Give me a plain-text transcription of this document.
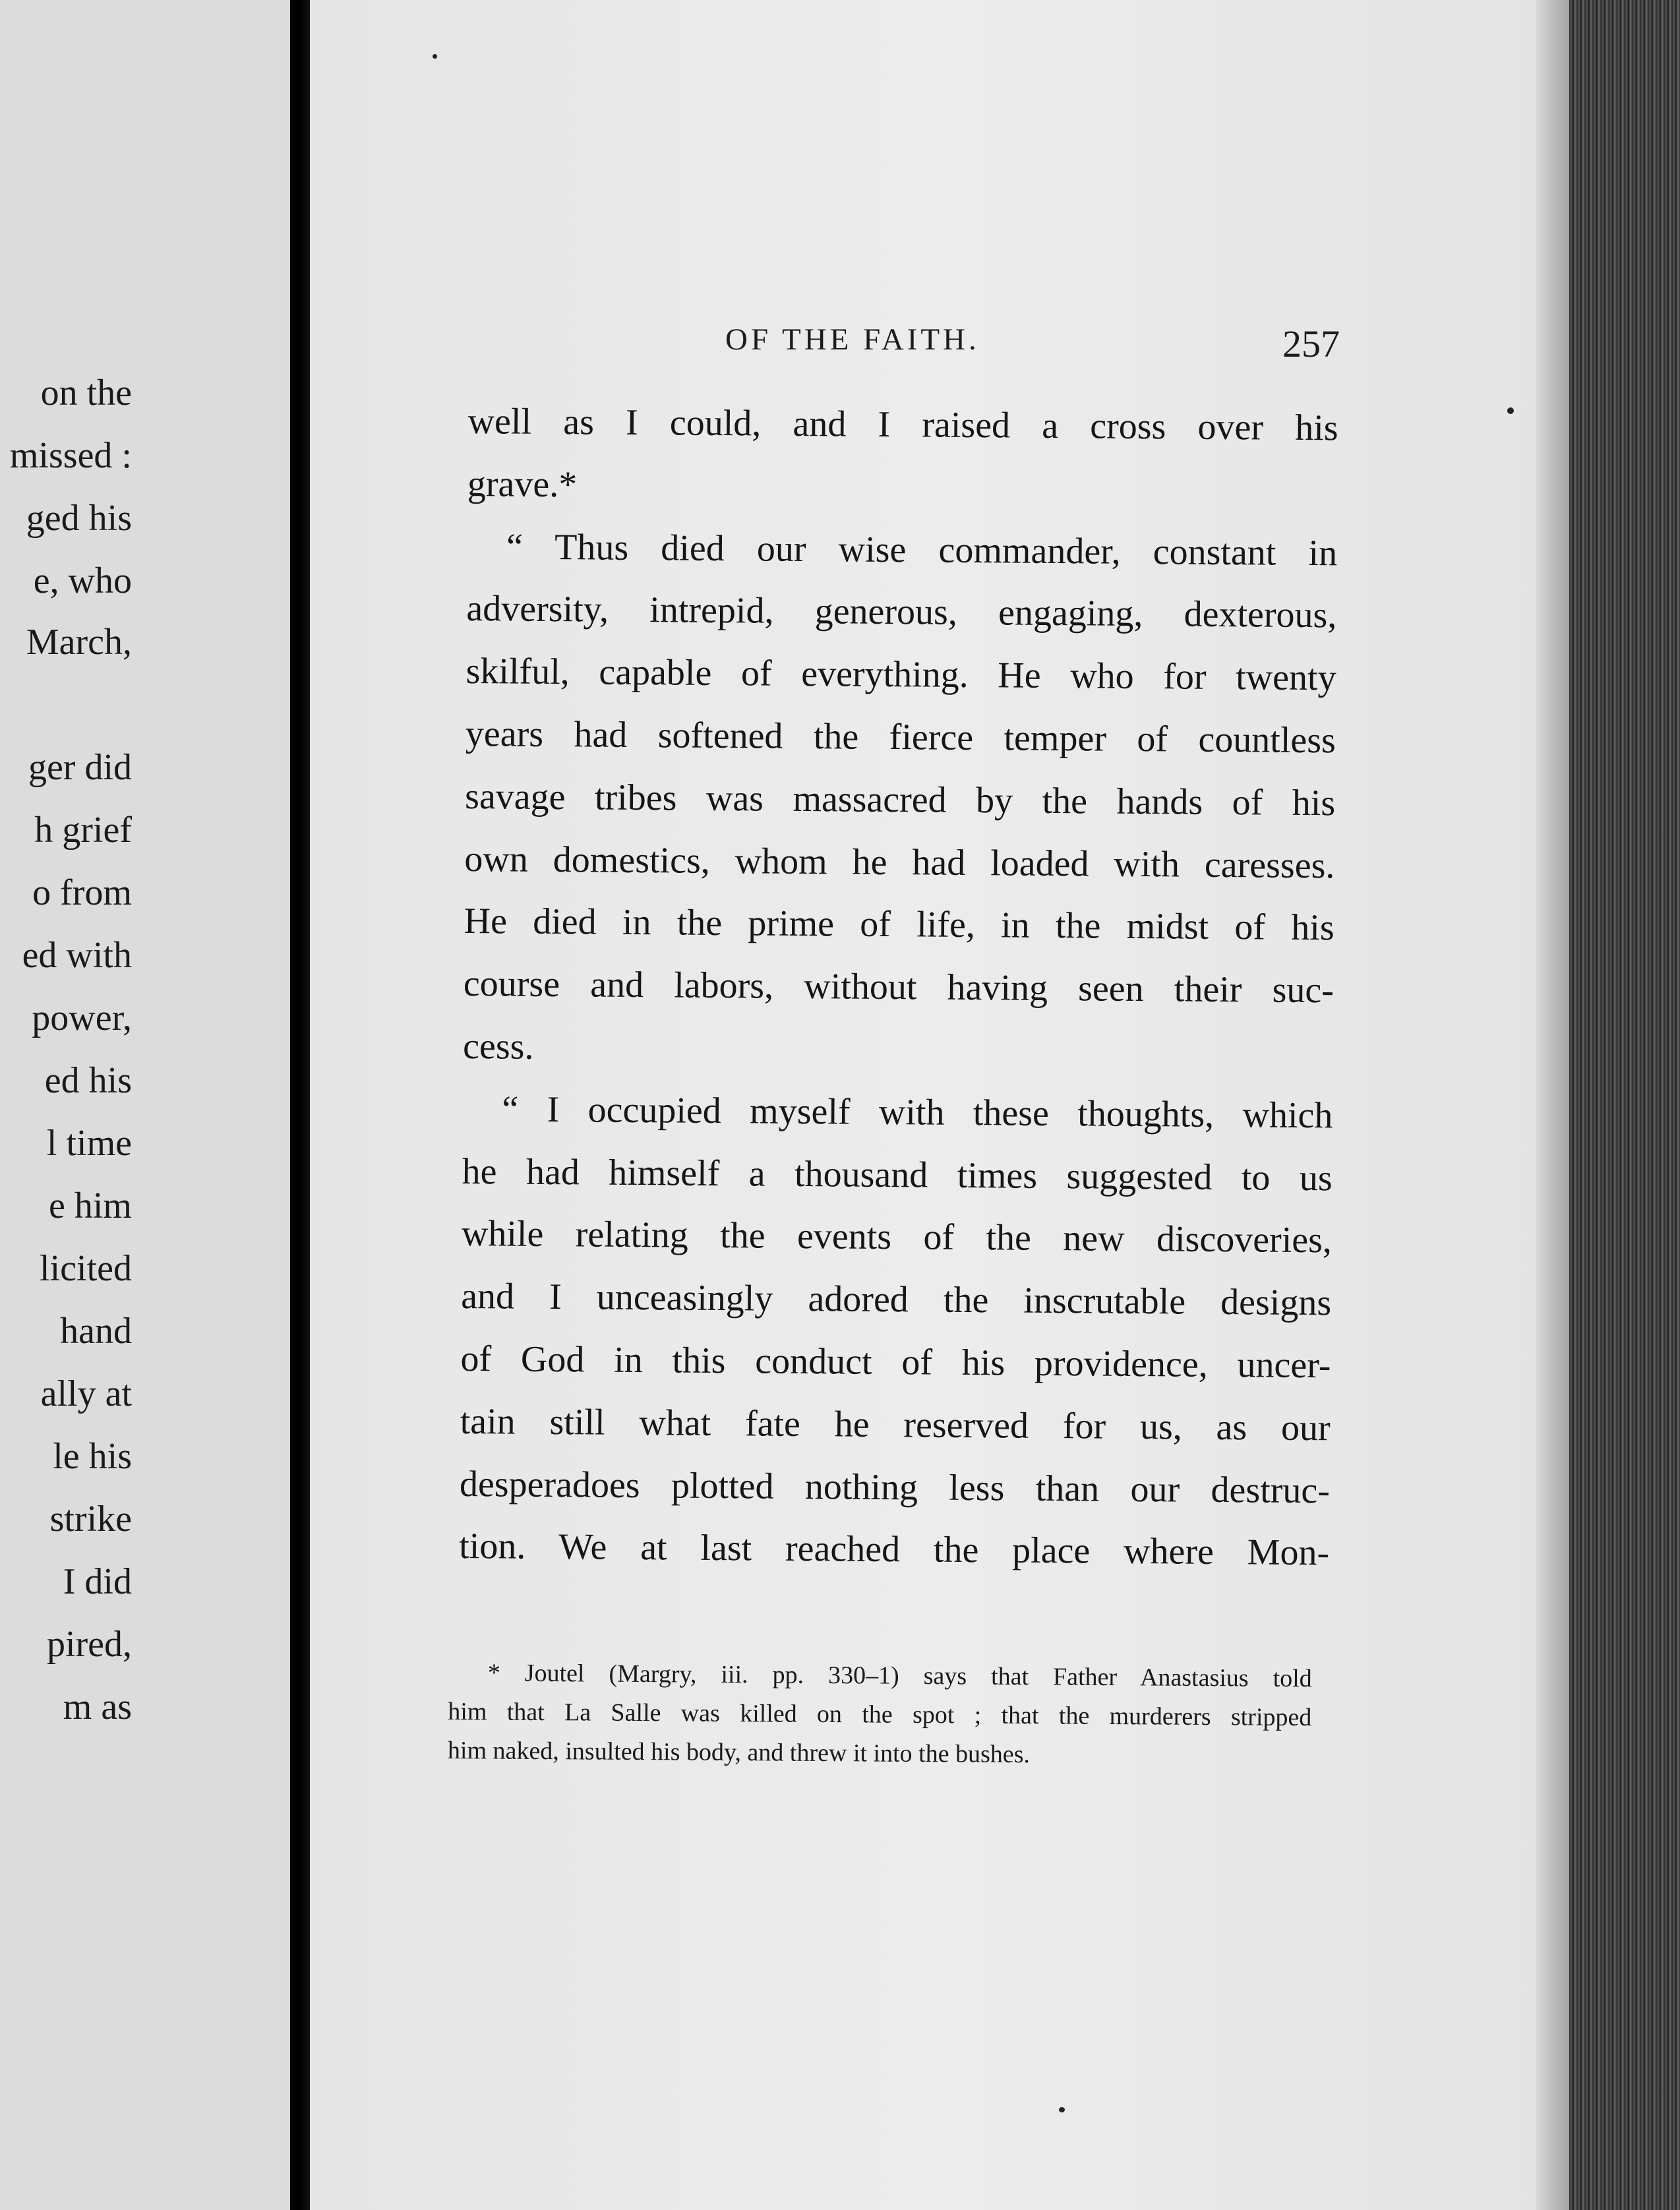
on the
missed :
ged his
e, who
March,
ger did
h grief
o from
ed with
power,
ed his
l time
e him
licited
hand
ally at
le his
strike
I did
pired,
m as
OF THE FAITH.	257
well as I could, and I raised a cross over his
grave.*
“ Thus died our wise commander, constant in
adversity, intrepid, generous, engaging, dexterous,
skilful, capable of everything. He who for twenty
years had softened the fierce temper of countless
savage tribes was massacred by the hands of his
own domestics, whom he had loaded with caresses.
He died in the prime of life, in the midst of his
course and labors, without having seen their suc-
cess.
“ I occupied myself with these thoughts, which
he had himself a thousand times suggested to us
while relating the events of the new discoveries,
and I unceasingly adored the inscrutable designs
of God in this conduct of his providence, uncer-
tain still what fate he reserved for us, as our
desperadoes plotted nothing less than our destruc-
tion. We at last reached the place where Mon-
* Joutel (Margry, iii. pp. 330–1) says that Father Anastasius told
him that La Salle was killed on the spot ; that the murderers stripped
him naked, insulted his body, and threw it into the bushes.
